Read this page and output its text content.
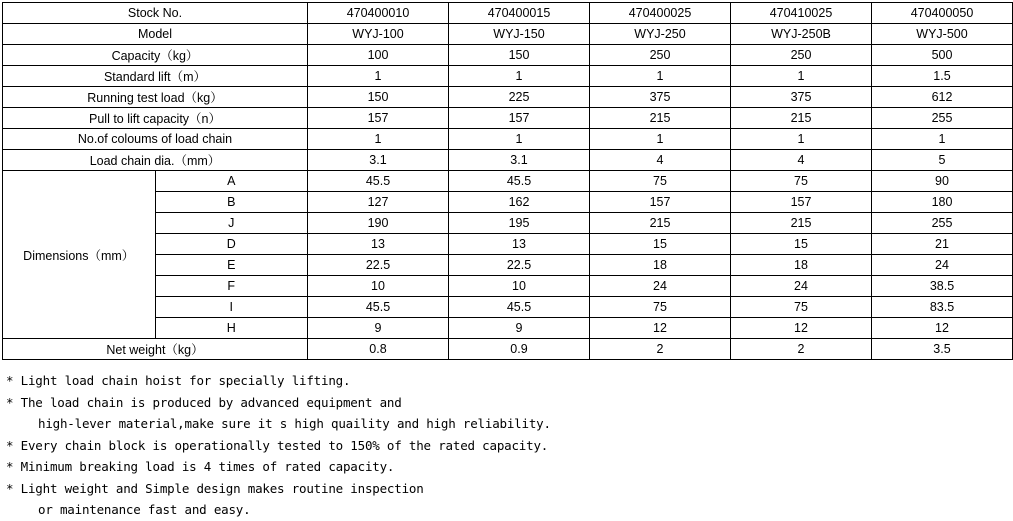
Stock No.		470400010	470400015	470400025	470410025	470400050
Model		WYJ-100	WYJ-150	WYJ-250	WYJ-250B	WYJ-500
Capacity（kg）		100	150	250	250	500
Standard lift（m）		1	1	1	1	1.5
Running test load（kg）		150	225	375	375	612
Pull to lift capacity（n）		157	157	215	215	255
No.of coloums of load chain		1	1	1	1	1
Load chain dia.（mm）		3.1	3.1	4	4	5
Dimensions（mm）	A	45.5	45.5	75	75	90
	B	127	162	157	157	180
	J	190	195	215	215	255
	D	13	13	15	15	21
	E	22.5	22.5	18	18	24
	F	10	10	24	24	38.5
	I	45.5	45.5	75	75	83.5
	H	9	9	12	12	12
Net weight（kg）		0.8	0.9	2	2	3.5
* Light load chain hoist for specially lifting.
* The load chain is produced by advanced equipment and
high-lever material,make sure it s high quaility and high reliability.
* Every chain block is operationally tested to 150% of the rated capacity.
* Minimum breaking load is 4 times of rated capacity.
* Light weight and Simple design makes routine inspection
or maintenance fast and easy.
